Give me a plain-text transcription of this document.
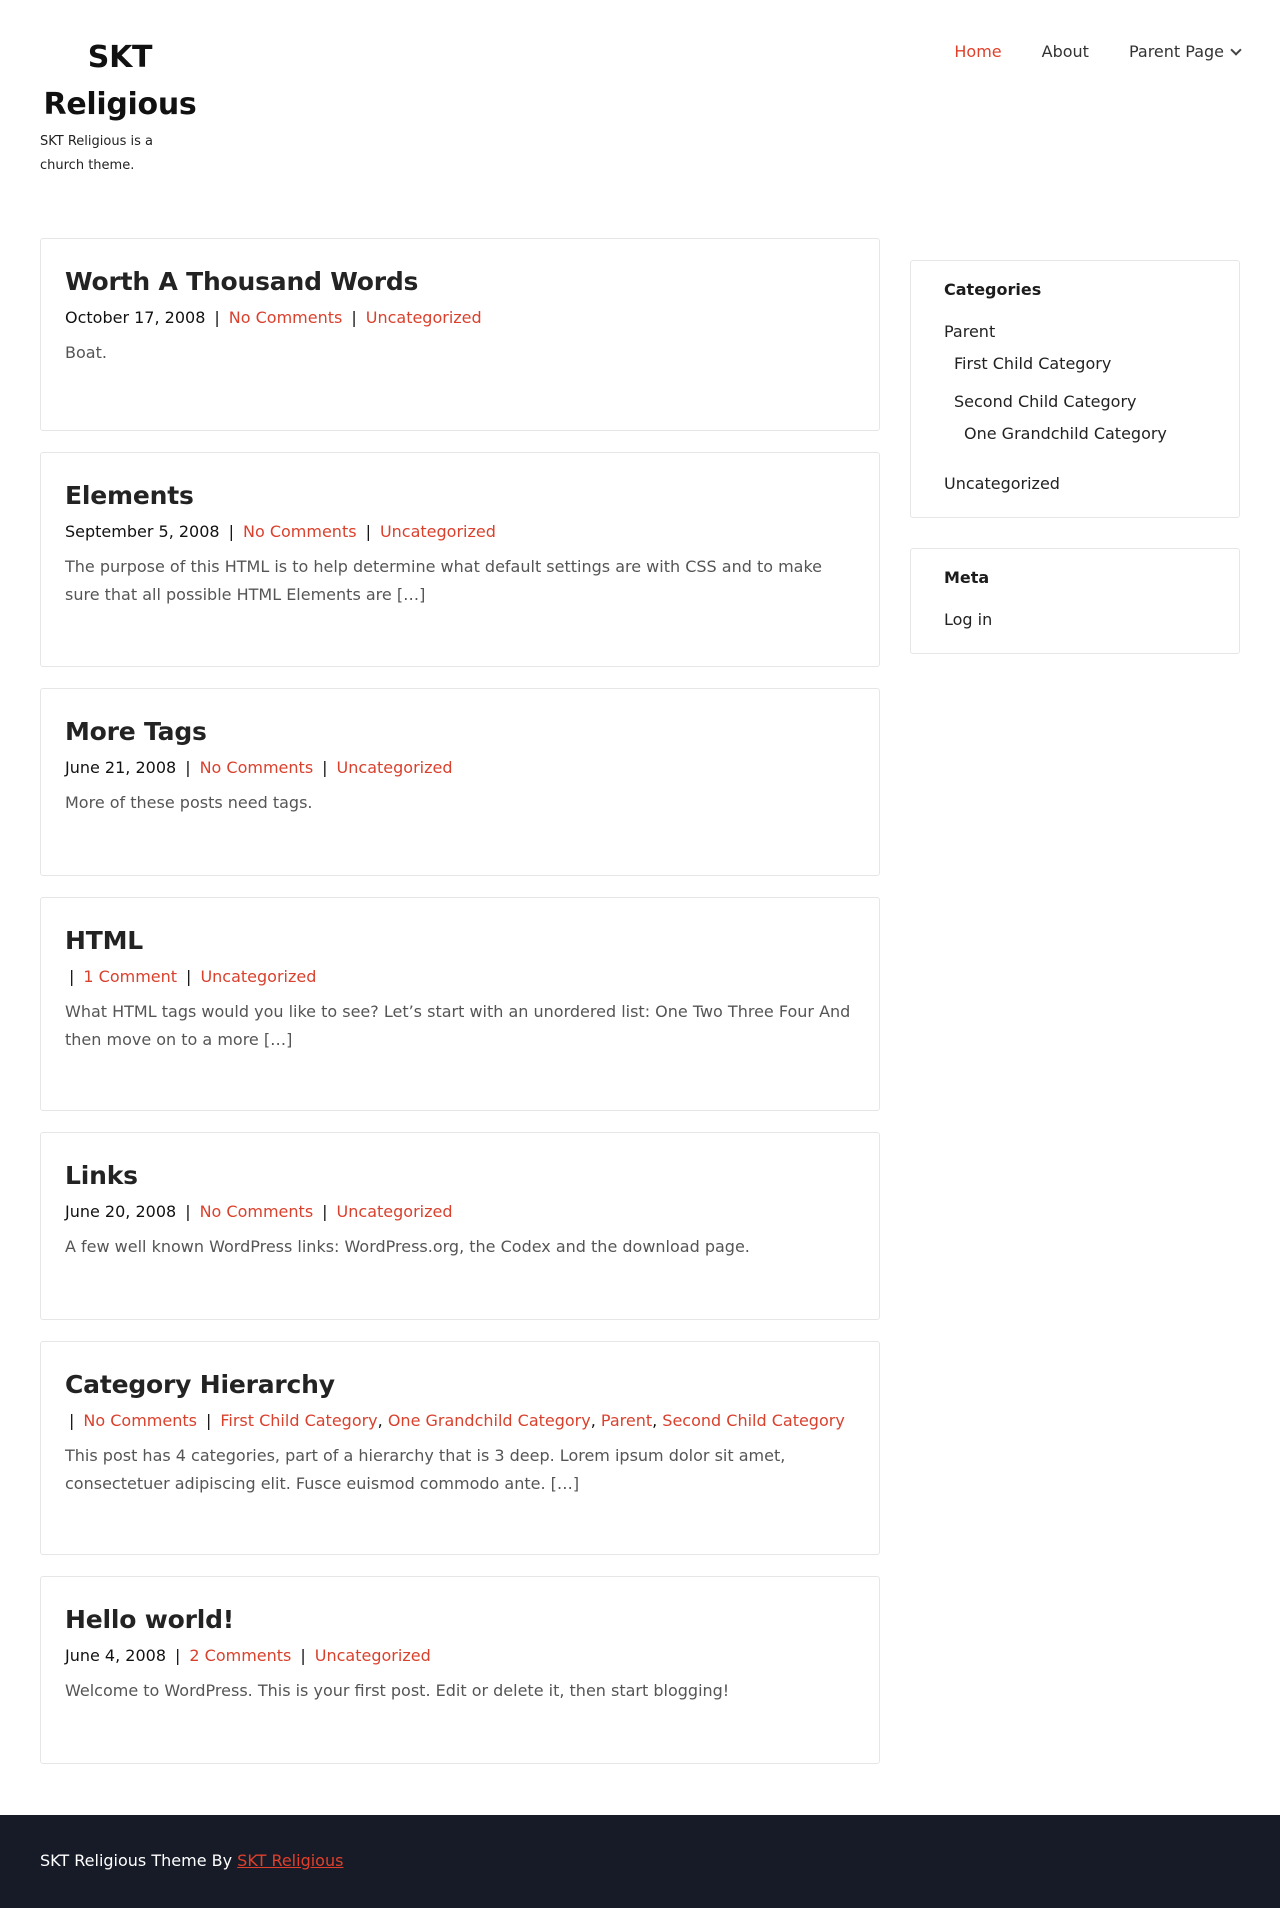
SKT
Religious
SKT Religious is a church theme.
Home	About	Parent Page
Worth A Thousand Words
October 17, 2008 | No Comments | Uncategorized

Boat.

Elements
September 5, 2008 | No Comments | Uncategorized

The purpose of this HTML is to help determine what default settings are with CSS and to make sure that all possible HTML Elements are […]

More Tags
June 21, 2008 | No Comments | Uncategorized

More of these posts need tags.

HTML
| 1 Comment | Uncategorized

What HTML tags would you like to see? Let’s start with an unordered list: One Two Three Four And then move on to a more […]

Links
June 20, 2008 | No Comments | Uncategorized

A few well known WordPress links: WordPress.org, the Codex and the download page.

Category Hierarchy
| No Comments | First Child Category, One Grandchild Category, Parent, Second Child Category

This post has 4 categories, part of a hierarchy that is 3 deep. Lorem ipsum dolor sit amet, consectetuer adipiscing elit. Fusce euismod commodo ante. […]

Hello world!
June 4, 2008 | 2 Comments | Uncategorized

Welcome to WordPress. This is your first post. Edit or delete it, then start blogging!

Categories
Parent
First Child Category
Second Child Category
One Grandchild Category
Uncategorized
Meta
Log in
SKT Religious Theme By SKT Religious
